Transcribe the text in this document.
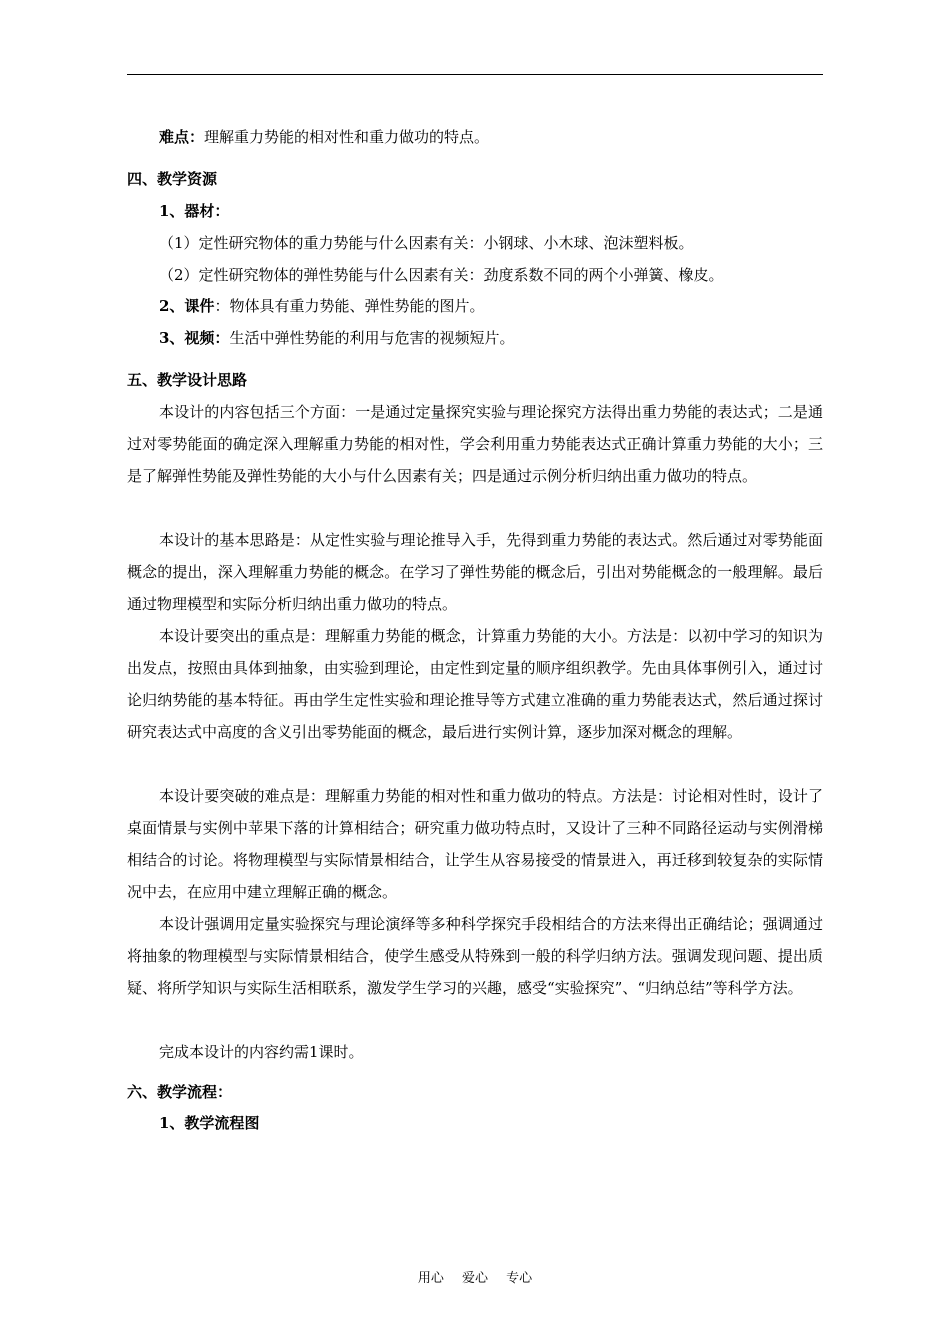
难点：理解重力势能的相对性和重力做功的特点。
四、教学资源
1、器材：
（1）定性研究物体的重力势能与什么因素有关：小钢球、小木球、泡沫塑料板。
（2）定性研究物体的弹性势能与什么因素有关：劲度系数不同的两个小弹簧、橡皮。
2、课件：物体具有重力势能、弹性势能的图片。
3、视频：生活中弹性势能的利用与危害的视频短片。
五、教学设计思路
本设计的内容包括三个方面：一是通过定量探究实验与理论探究方法得出重力势能的表达式；二是通过对零势能面的确定深入理解重力势能的相对性，学会利用重力势能表达式正确计算重力势能的大小；三是了解弹性势能及弹性势能的大小与什么因素有关；四是通过示例分析归纳出重力做功的特点。
本设计的基本思路是：从定性实验与理论推导入手，先得到重力势能的表达式。然后通过对零势能面概念的提出，深入理解重力势能的概念。在学习了弹性势能的概念后，引出对势能概念的一般理解。最后通过物理模型和实际分析归纳出重力做功的特点。
本设计要突出的重点是：理解重力势能的概念，计算重力势能的大小。方法是：以初中学习的知识为出发点，按照由具体到抽象，由实验到理论，由定性到定量的顺序组织教学。先由具体事例引入，通过讨论归纳势能的基本特征。再由学生定性实验和理论推导等方式建立准确的重力势能表达式，然后通过探讨研究表达式中高度的含义引出零势能面的概念，最后进行实例计算，逐步加深对概念的理解。
本设计要突破的难点是：理解重力势能的相对性和重力做功的特点。方法是：讨论相对性时，设计了桌面情景与实例中苹果下落的计算相结合；研究重力做功特点时，又设计了三种不同路径运动与实例滑梯相结合的讨论。将物理模型与实际情景相结合，让学生从容易接受的情景进入，再迁移到较复杂的实际情况中去，在应用中建立理解正确的概念。
本设计强调用定量实验探究与理论演绎等多种科学探究手段相结合的方法来得出正确结论；强调通过将抽象的物理模型与实际情景相结合，使学生感受从特殊到一般的科学归纳方法。强调发现问题、提出质疑、将所学知识与实际生活相联系，激发学生学习的兴趣，感受“实验探究”、“归纳总结”等科学方法。
完成本设计的内容约需1课时。
六、教学流程：
1、教学流程图
用心 爱心 专心
